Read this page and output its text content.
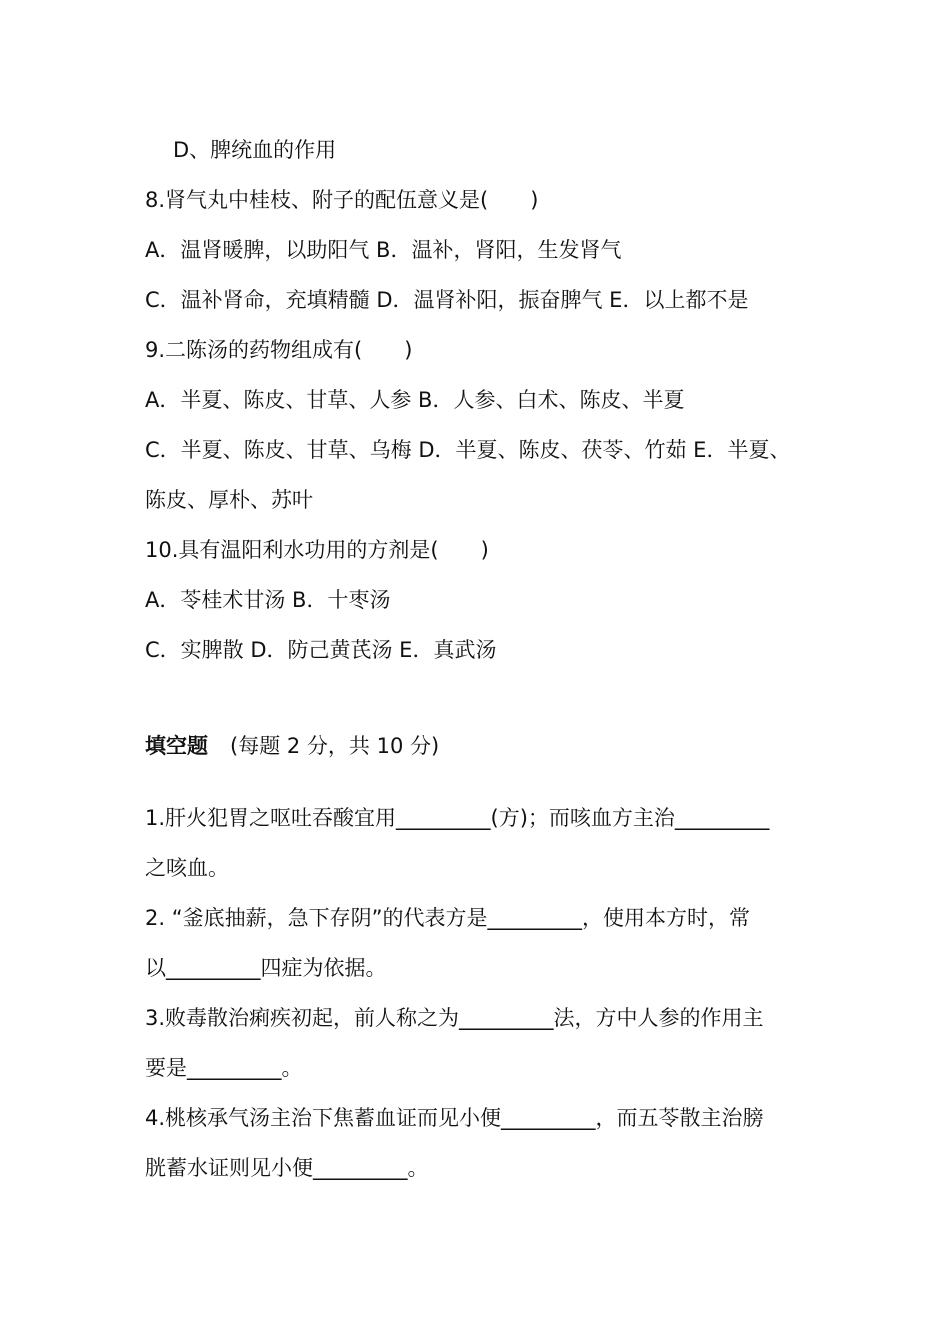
D、脾统血的作用
8.肾气丸中桂枝、附子的配伍意义是(　　)
A．温肾暖脾，以助阳气 B．温补，肾阳，生发肾气
C．温补肾命，充填精髓 D．温肾补阳，振奋脾气 E．以上都不是
9.二陈汤的药物组成有(　　)
A．半夏、陈皮、甘草、人参 B．人参、白术、陈皮、半夏
C．半夏、陈皮、甘草、乌梅 D．半夏、陈皮、茯苓、竹茹 E．半夏、
陈皮、厚朴、苏叶
10.具有温阳利水功用的方剂是(　　)
A．苓桂术甘汤 B．十枣汤
C．实脾散 D．防己黄芪汤 E．真武汤
填空题 (每题 2 分，共 10 分)
1.肝火犯胃之呕吐吞酸宜用_________(方)；而咳血方主治_________
之咳血。
2. “釜底抽薪，急下存阴”的代表方是_________，使用本方时，常
以_________四症为依据。
3.败毒散治痢疾初起，前人称之为_________法，方中人参的作用主
要是_________。
4.桃核承气汤主治下焦蓄血证而见小便_________，而五苓散主治膀
胱蓄水证则见小便_________。
